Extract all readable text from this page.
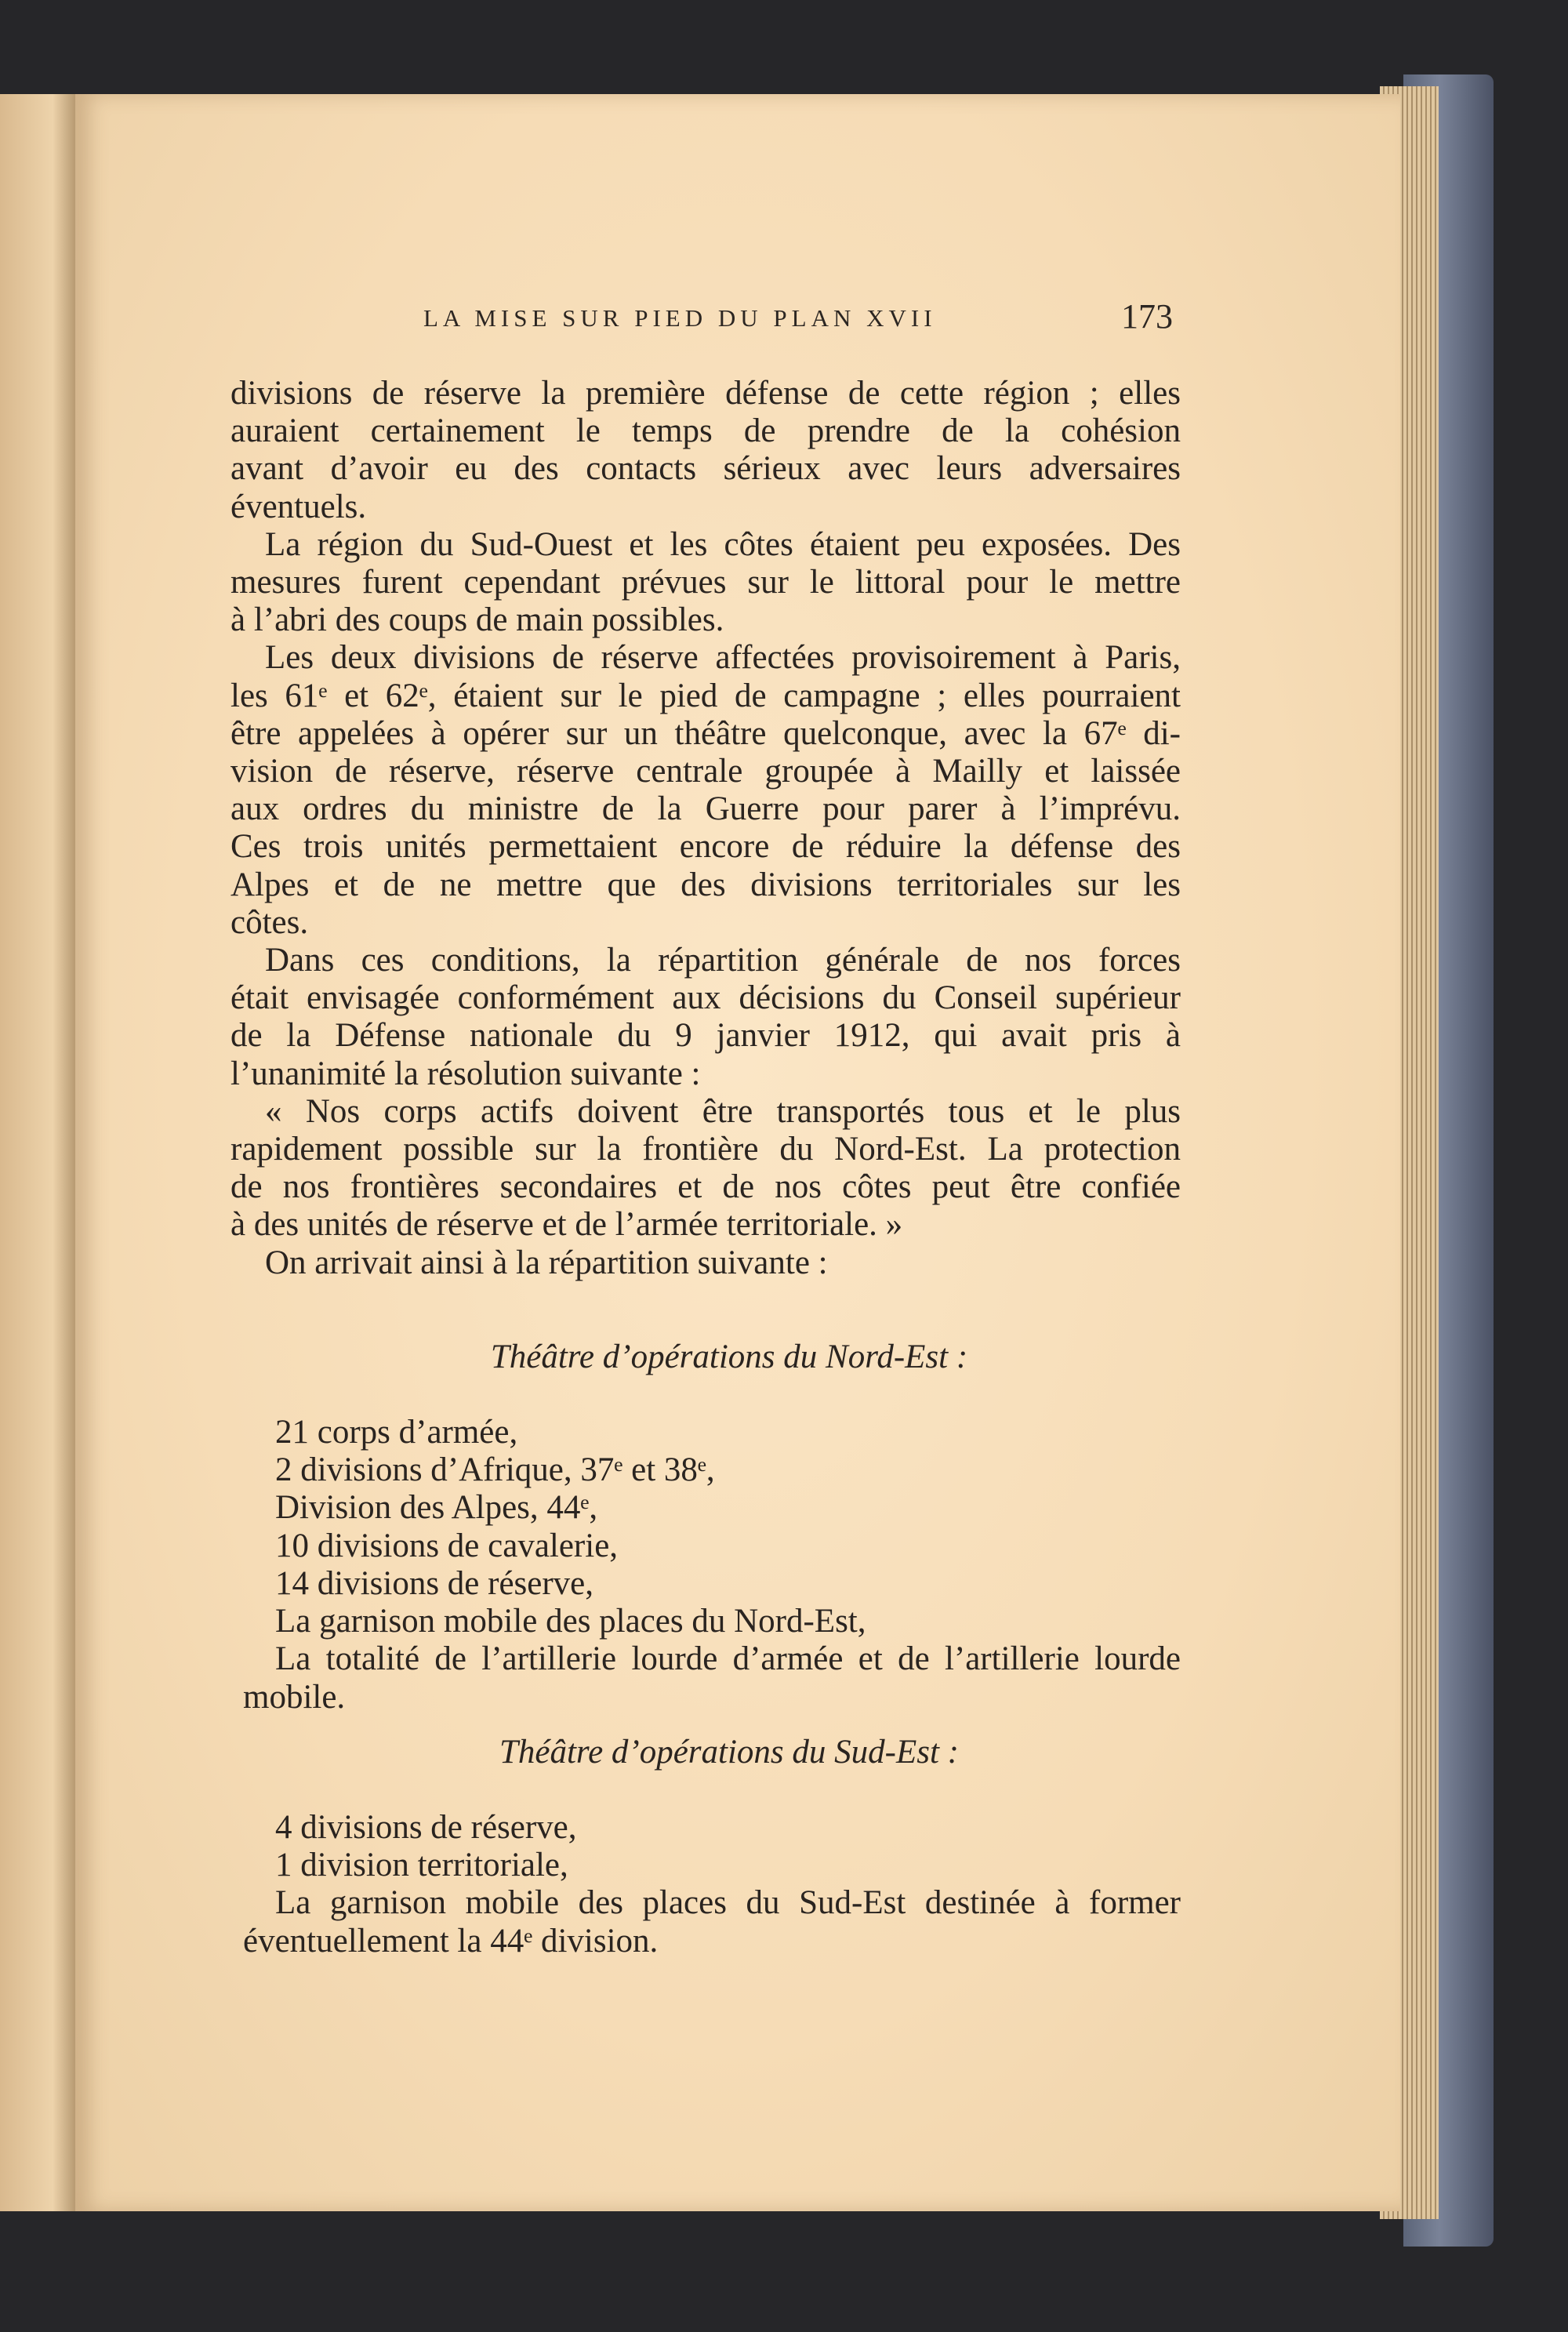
LA MISE SUR PIED DU PLAN XVII	173
divisions de réserve la première défense de cette région ; elles
auraient certainement le temps de prendre de la cohésion
avant d’avoir eu des contacts sérieux avec leurs adversaires
éventuels.
La région du Sud-Ouest et les côtes étaient peu exposées. Des
mesures furent cependant prévues sur le littoral pour le mettre
à l’abri des coups de main possibles.
Les deux divisions de réserve affectées provisoirement à Paris,
les 61ᵉ et 62ᵉ, étaient sur le pied de campagne ; elles pourraient
être appelées à opérer sur un théâtre quelconque, avec la 67ᵉ di-
vision de réserve, réserve centrale groupée à Mailly et laissée
aux ordres du ministre de la Guerre pour parer à l’imprévu.
Ces trois unités permettaient encore de réduire la défense des
Alpes et de ne mettre que des divisions territoriales sur les
côtes.
Dans ces conditions, la répartition générale de nos forces
était envisagée conformément aux décisions du Conseil supérieur
de la Défense nationale du 9 janvier 1912, qui avait pris à
l’unanimité la résolution suivante :
« Nos corps actifs doivent être transportés tous et le plus
rapidement possible sur la frontière du Nord-Est. La protection
de nos frontières secondaires et de nos côtes peut être confiée
à des unités de réserve et de l’armée territoriale. »
On arrivait ainsi à la répartition suivante :
Théâtre d’opérations du Nord-Est :
21 corps d’armée,
2 divisions d’Afrique, 37ᵉ et 38ᵉ,
Division des Alpes, 44ᵉ,
10 divisions de cavalerie,
14 divisions de réserve,
La garnison mobile des places du Nord-Est,
La totalité de l’artillerie lourde d’armée et de l’artillerie lourde
mobile.
Théâtre d’opérations du Sud-Est :
4 divisions de réserve,
1 division territoriale,
La garnison mobile des places du Sud-Est destinée à former
éventuellement la 44ᵉ division.
